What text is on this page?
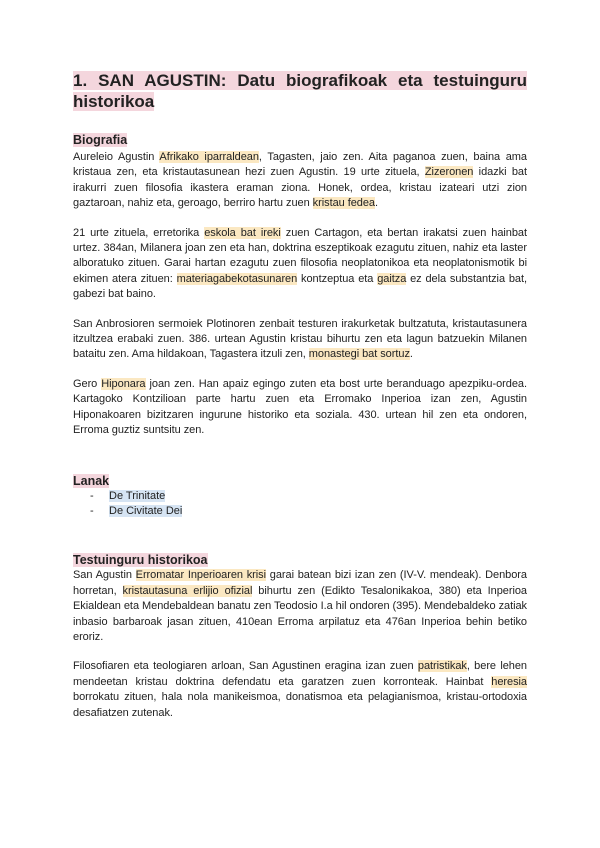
1. SAN AGUSTIN: Datu biografikoak eta testuinguru historikoa
Biografia

Aureleio Agustin Afrikako iparraldean, Tagasten, jaio zen. Aita paganoa zuen, baina ama kristaua zen, eta kristautasunean hezi zuen Agustin. 19 urte zituela, Zizeronen idazki bat irakurri zuen filosofia ikastera eraman ziona. Honek, ordea, kristau izateari utzi zion gaztaroan, nahiz eta, geroago, berriro hartu zuen kristau fedea.

21 urte zituela, erretorika eskola bat ireki zuen Cartagon, eta bertan irakatsi zuen hainbat urtez. 384an, Milanera joan zen eta han, doktrina eszeptikoak ezagutu zituen, nahiz eta laster alboratuko zituen. Garai hartan ezagutu zuen filosofia neoplatonikoa eta neoplatonismotik bi ekimen atera zituen: materiagabekotasunaren kontzeptua eta gaitza ez dela substantzia bat, gabezi bat baino.

San Anbrosioren sermoiek Plotinoren zenbait testuren irakurketak bultzatuta, kristautasunera itzultzea erabaki zuen. 386. urtean Agustin kristau bihurtu zen eta lagun batzuekin Milanen bataitu zen. Ama hildakoan, Tagastera itzuli zen, monastegi bat sortuz.

Gero Hiponara joan zen. Han apaiz egingo zuten eta bost urte beranduago apezpiku-ordea. Kartagoko Kontzilioan parte hartu zuen eta Erromako Inperioa izan zen, Agustin Hiponakoaren bizitzaren ingurune historiko eta soziala. 430. urtean hil zen eta ondoren, Erroma guztiz suntsitu zen.

Lanak
- De Trinitate
- De Civitate Dei
Testuinguru historikoa

San Agustin Erromatar Inperioaren krisi garai batean bizi izan zen (IV-V. mendeak). Denbora horretan, kristautasuna erlijio ofizial bihurtu zen (Edikto Tesalonikakoa, 380) eta Inperioa Ekialdean eta Mendebaldean banatu zen Teodosio I.a hil ondoren (395). Mendebaldeko zatiak inbasio barbaroak jasan zituen, 410ean Erroma arpilatuz eta 476an Inperioa behin betiko eroriz.

Filosofiaren eta teologiaren arloan, San Agustinen eragina izan zuen patristikak, bere lehen mendeetan kristau doktrina defendatu eta garatzen zuen korronteak. Hainbat heresia borrokatu zituen, hala nola manikeismoa, donatismoa eta pelagianismoa, kristau-ortodoxia desafiatzen zutenak.
